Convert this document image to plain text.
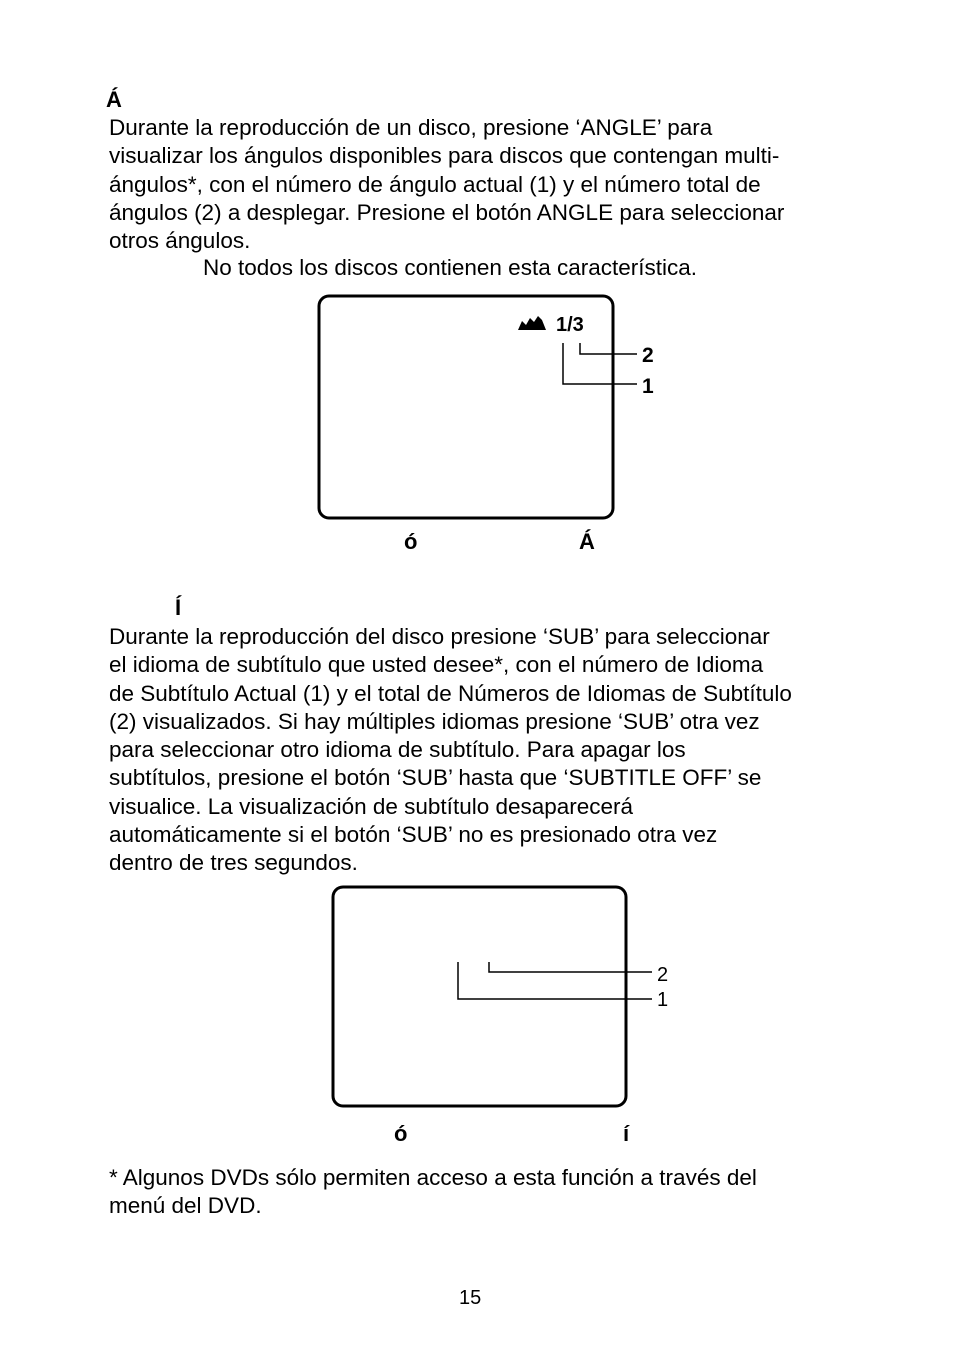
Á
Durante la reproducción de un disco, presione ‘ANGLE’ para
visualizar los ángulos disponibles para discos que contengan multi-
ángulos*, con el número de ángulo actual (1) y el número total de
ángulos (2) a desplegar. Presione el botón ANGLE para seleccionar
otros ángulos.
No todos los discos contienen esta característica.
1/3
2
1
2
1
ó	Á
Í
Durante la reproducción del disco presione ‘SUB’ para seleccionar
el idioma de subtítulo que usted desee*, con el número de Idioma
de Subtítulo Actual (1) y el total de Números de Idiomas de Subtítulo
(2) visualizados. Si hay múltiples idiomas presione ‘SUB’ otra vez
para seleccionar otro idioma de subtítulo. Para apagar los
subtítulos, presione el botón ‘SUB’ hasta que ‘SUBTITLE OFF’ se
visualice. La visualización de subtítulo desaparecerá
automáticamente si el botón ‘SUB’ no es presionado otra vez
dentro de tres segundos.
ó	í
* Algunos DVDs sólo permiten acceso a esta función a través del
menú del DVD.
15
